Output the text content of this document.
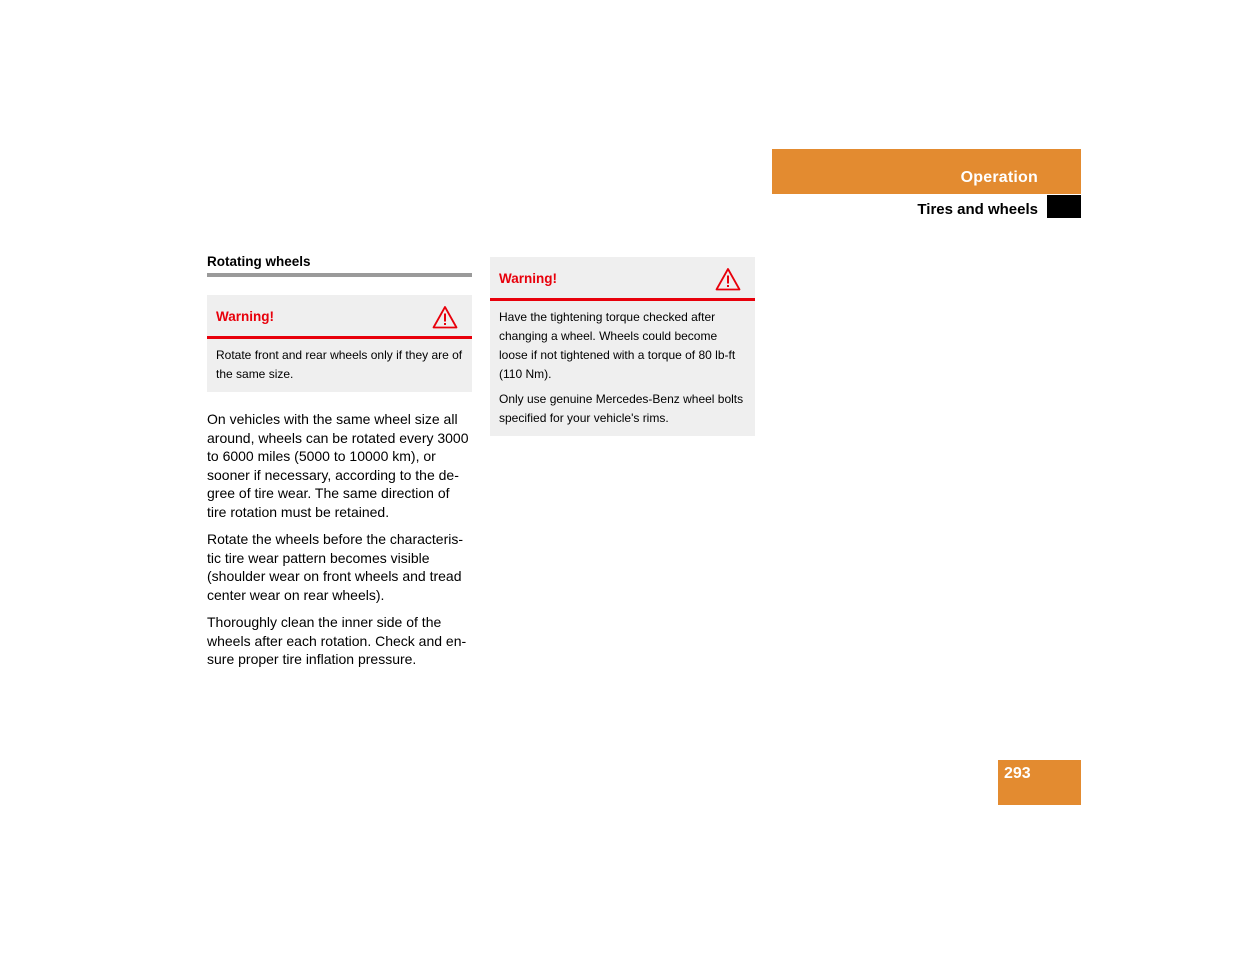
Operation
Tires and wheels
Rotating wheels
Warning!

Rotate front and rear wheels only if they are of the same size.

On vehicles with the same wheel size all around, wheels can be rotated every 3000 to 6000 miles (5000 to 10000 km), or sooner if necessary, according to the de-gree of tire wear. The same direction of tire rotation must be retained.

Rotate the wheels before the characteris-tic tire wear pattern becomes visible (shoulder wear on front wheels and tread center wear on rear wheels).

Thoroughly clean the inner side of the wheels after each rotation. Check and en-sure proper tire inflation pressure.

Warning!

Have the tightening torque checked after changing a wheel. Wheels could become loose if not tightened with a torque of 80 lb-ft (110 Nm).

Only use genuine Mercedes-Benz wheel bolts specified for your vehicle's rims.

293
